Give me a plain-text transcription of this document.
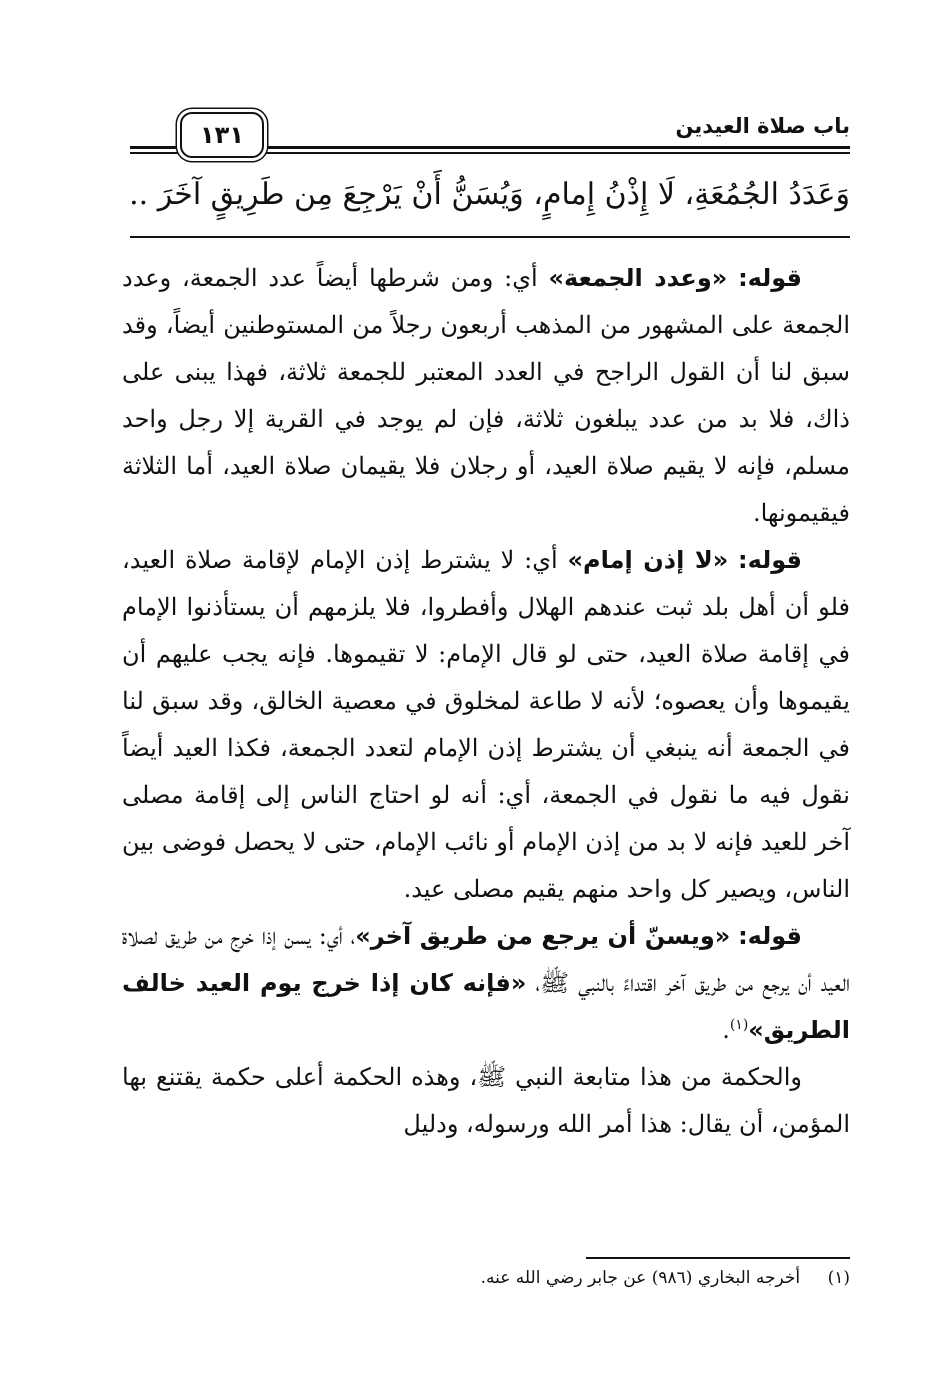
باب صلاة العيدين
١٣١
وَعَدَدُ الجُمُعَةِ، لَا إِذْنُ إِمامٍ، وَيُسَنُّ أَنْ يَرْجِعَ مِن طَرِيقٍ آخَرَ ..

قوله: «وعدد الجمعة» أي: ومن شرطها أيضاً عدد الجمعة، وعدد الجمعة على المشهور من المذهب أربعون رجلاً من المستوطنين أيضاً، وقد سبق لنا أن القول الراجح في العدد المعتبر للجمعة ثلاثة، فهذا يبنى على ذاك، فلا بد من عدد يبلغون ثلاثة، فإن لم يوجد في القرية إلا رجل واحد مسلم، فإنه لا يقيم صلاة العيد، أو رجلان فلا يقيمان صلاة العيد، أما الثلاثة فيقيمونها.

قوله: «لا إذن إمام» أي: لا يشترط إذن الإمام لإقامة صلاة العيد، فلو أن أهل بلد ثبت عندهم الهلال وأفطروا، فلا يلزمهم أن يستأذنوا الإمام في إقامة صلاة العيد، حتى لو قال الإمام: لا تقيموها. فإنه يجب عليهم أن يقيموها وأن يعصوه؛ لأنه لا طاعة لمخلوق في معصية الخالق، وقد سبق لنا في الجمعة أنه ينبغي أن يشترط إذن الإمام لتعدد الجمعة، فكذا العيد أيضاً نقول فيه ما نقول في الجمعة، أي: أنه لو احتاج الناس إلى إقامة مصلى آخر للعيد فإنه لا بد من إذن الإمام أو نائب الإمام، حتى لا يحصل فوضى بين الناس، ويصير كل واحد منهم يقيم مصلى عيد.

قوله: «ويسنّ أن يرجع من طريق آخر»، أي: يسن إذا خرج من طريق لصلاة العيد أن يرجع من طريق آخر اقتداءً بالنبي ﷺ، «فإنه كان إذا خرج يوم العيد خالف الطريق»$^{(١)}$.

والحكمة من هذا متابعة النبي ﷺ، وهذه الحكمة أعلى حكمة يقتنع بها المؤمن، أن يقال: هذا أمر الله ورسوله، ودليل

(١) أخرجه البخاري (٩٨٦) عن جابر رضي الله عنه.
